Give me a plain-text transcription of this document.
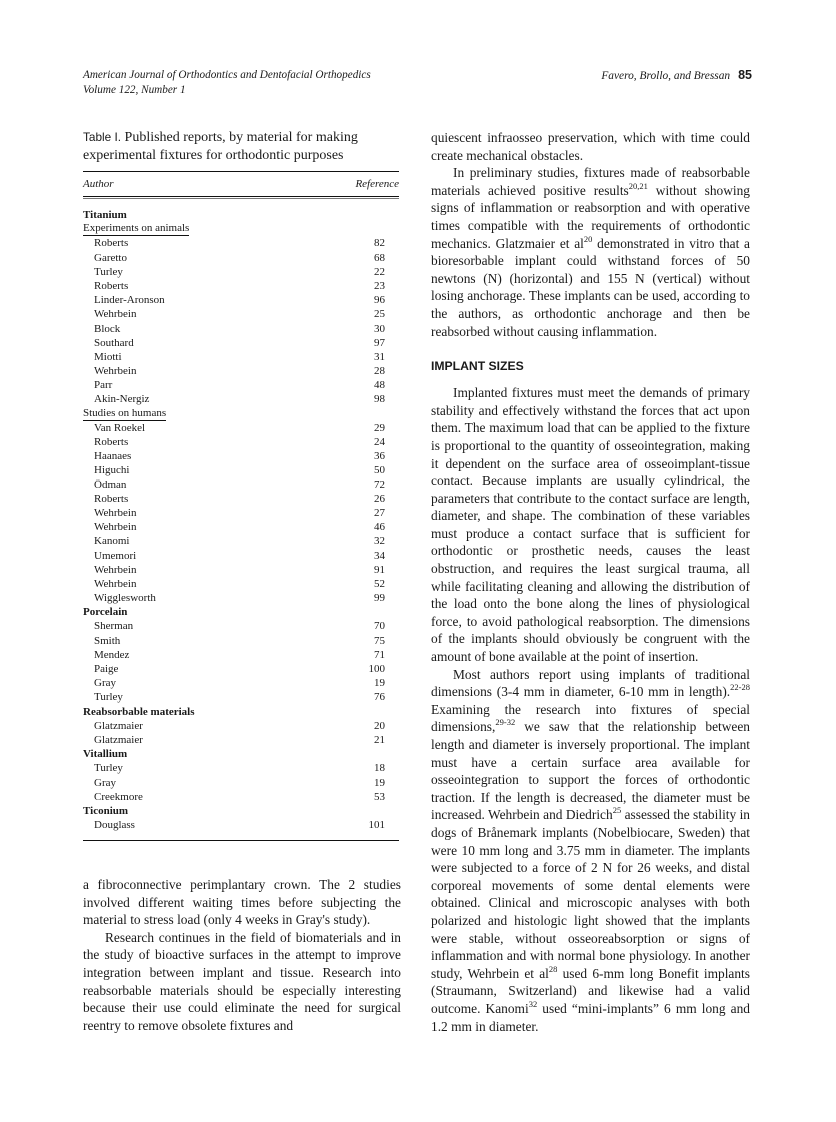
American Journal of Orthodontics and Dentofacial Orthopedics
Volume 122, Number 1
Favero, Brollo, and Bressan 85

Table I. Published reports, by material for making experimental fixtures for orthodontic purposes

Author	Reference
Titanium
Experiments on animals
Roberts	82
Garetto	68
Turley	22
Roberts	23
Linder-Aronson	96
Wehrbein	25
Block	30
Southard	97
Miotti	31
Wehrbein	28
Parr	48
Akin-Nergiz	98
Studies on humans
Van Roekel	29
Roberts	24
Haanaes	36
Higuchi	50
Ödman	72
Roberts	26
Wehrbein	27
Wehrbein	46
Kanomi	32
Umemori	34
Wehrbein	91
Wehrbein	52
Wigglesworth	99
Porcelain
Sherman	70
Smith	75
Mendez	71
Paige	100
Gray	19
Turley	76
Reabsorbable materials
Glatzmaier	20
Glatzmaier	21
Vitallium
Turley	18
Gray	19
Creekmore	53
Ticonium
Douglass	101

a fibroconnective perimplantary crown. The 2 studies involved different waiting times before subjecting the material to stress load (only 4 weeks in Gray's study).

Research continues in the field of biomaterials and in the study of bioactive surfaces in the attempt to improve integration between implant and tissue. Research into reabsorbable materials should be especially interesting because their use could eliminate the need for surgical reentry to remove obsolete fixtures and

quiescent infraosseo preservation, which with time could create mechanical obstacles.

In preliminary studies, fixtures made of reabsorbable materials achieved positive results$^{20,21}$ without showing signs of inflammation or reabsorption and with operative times compatible with the requirements of orthodontic mechanics. Glatzmaier et $al^{20}$ demonstrated in vitro that a bioresorbable implant could withstand forces of 50 newtons (N) (horizontal) and 155 N (vertical) without losing anchorage. These implants can be used, according to the authors, as orthodontic anchorage and then be reabsorbed without causing inflammation.

IMPLANT SIZES

Implanted fixtures must meet the demands of primary stability and effectively withstand the forces that act upon them. The maximum load that can be applied to the fixture is proportional to the quantity of osseointegration, making it dependent on the surface area of osseoimplant-tissue contact. Because implants are usually cylindrical, the parameters that contribute to the contact surface are length, diameter, and shape. The combination of these variables must produce a contact surface that is sufficient for orthodontic or prosthetic needs, causes the least obstruction, and requires the least surgical trauma, all while facilitating cleaning and allowing the distribution of the load onto the bone along the lines of physiological force, to avoid pathological reabsorption. The dimensions of the implants should obviously be congruent with the amount of bone available at the point of insertion.

Most authors report using implants of traditional dimensions (3-4 mm in diameter, 6-10 mm in length).$^{22-28}$ Examining the research into fixtures of special dimensions,$^{29-32}$ we saw that the relationship between length and diameter is inversely proportional. The implant must have a certain surface area available for osseointegration to support the forces of orthodontic traction. If the length is decreased, the diameter must be increased. Wehrbein and Diedrich$^{25}$ assessed the stability in dogs of Brånemark implants (Nobelbiocare, Sweden) that were 10 mm long and 3.75 mm in diameter. The implants were subjected to a force of 2 N for 26 weeks, and distal corporeal movements of some dental elements were obtained. Clinical and microscopic analyses with both polarized and histologic light showed that the implants were stable, without osseoreabsorption or signs of inflammation and with normal bone physiology. In another study, Wehrbein et $al^{28}$ used 6-mm long Bonefit implants (Straumann, Switzerland) and likewise had a valid outcome. Kanomi$^{32}$ used “mini-implants” 6 mm long and 1.2 mm in diameter.
